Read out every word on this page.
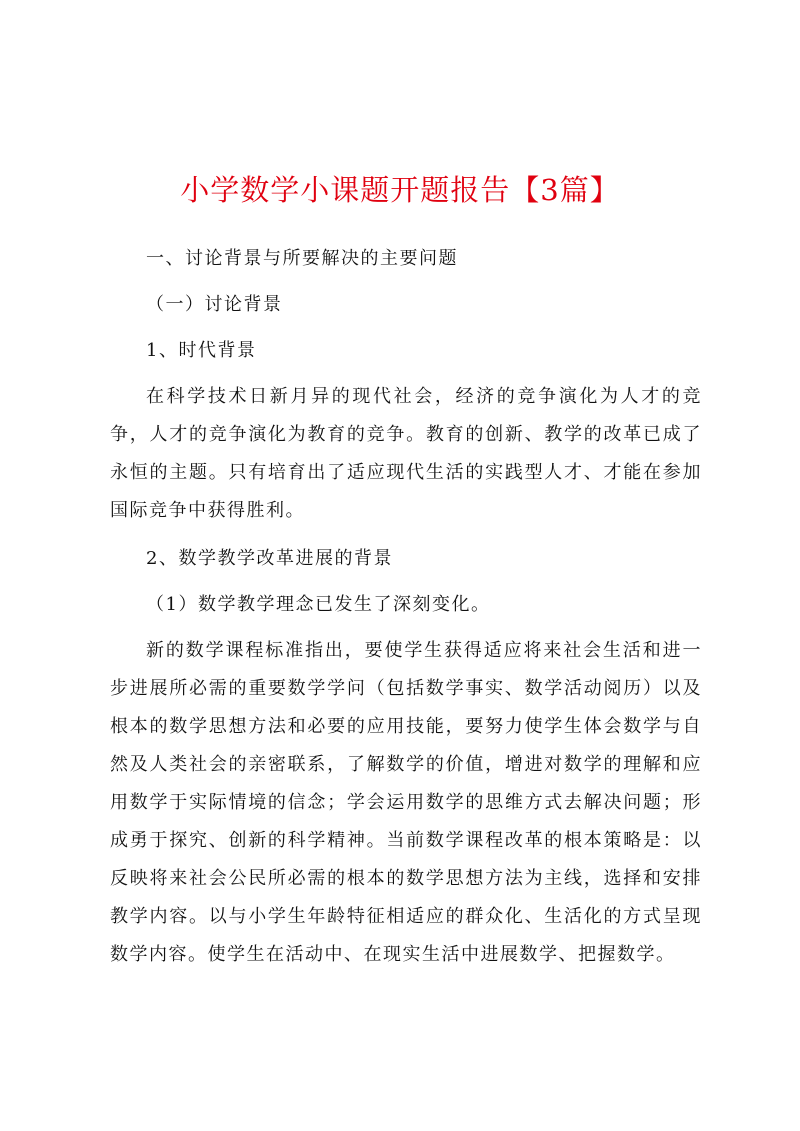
小学数学小课题开题报告【3篇】

一、讨论背景与所要解决的主要问题

（一）讨论背景

1、时代背景

在科学技术日新月异的现代社会，经济的竞争演化为人才的竞争，人才的竞争演化为教育的竞争。教育的创新、教学的改革已成了永恒的主题。只有培育出了适应现代生活的实践型人才、才能在参加国际竞争中获得胜利。

2、数学教学改革进展的背景

（1）数学教学理念已发生了深刻变化。

新的数学课程标准指出，要使学生获得适应将来社会生活和进一步进展所必需的重要数学学问（包括数学事实、数学活动阅历）以及根本的数学思想方法和必要的应用技能，要努力使学生体会数学与自然及人类社会的亲密联系，了解数学的价值，增进对数学的理解和应用数学于实际情境的信念；学会运用数学的思维方式去解决问题；形成勇于探究、创新的科学精神。当前数学课程改革的根本策略是：以反映将来社会公民所必需的根本的数学思想方法为主线，选择和安排教学内容。以与小学生年龄特征相适应的群众化、生活化的方式呈现数学内容。使学生在活动中、在现实生活中进展数学、把握数学。
